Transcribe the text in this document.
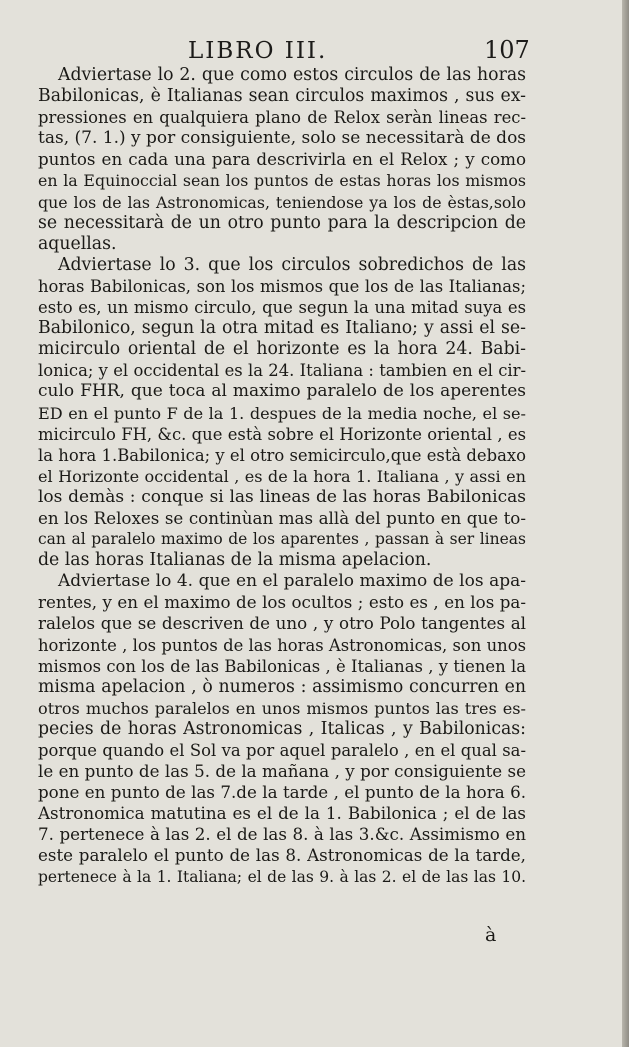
LIBRO III.	107
Adviertase lo 2. que como estos circulos de las horas
Babilonicas, è Italianas sean circulos maximos , sus ex-
pressiones en qualquiera plano de Relox seràn lineas rec-
tas, (7. 1.) y por consiguiente, solo se necessitarà de dos
puntos en cada una para descrivirla en el Relox ; y como
en la Equinoccial sean los puntos de estas horas los mismos
que los de las Astronomicas, teniendose ya los de èstas,solo
se necessitarà de un otro punto para la descripcion de
aquellas.
Adviertase lo 3. que los circulos sobredichos de las
horas Babilonicas, son los mismos que los de las Italianas;
esto es, un mismo circulo, que segun la una mitad suya es
Babilonico, segun la otra mitad es Italiano; y assi el se-
micirculo oriental de el horizonte es la hora 24. Babi-
lonica; y el occidental es la 24. Italiana : tambien en el cir-
culo FHR, que toca al maximo paralelo de los aperentes
ED en el punto F de la 1. despues de la media noche, el se-
micirculo FH, &c. que està sobre el Horizonte oriental , es
la hora 1.Babilonica; y el otro semicirculo,que està debaxo
el Horizonte occidental , es de la hora 1. Italiana , y assi en
los demàs : conque si las lineas de las horas Babilonicas
en los Reloxes se continùan mas allà del punto en que to-
can al paralelo maximo de los aparentes , passan à ser lineas
de las horas Italianas de la misma apelacion.
Adviertase lo 4. que en el paralelo maximo de los apa-
rentes, y en el maximo de los ocultos ; esto es , en los pa-
ralelos que se descriven de uno , y otro Polo tangentes al
horizonte , los puntos de las horas Astronomicas, son unos
mismos con los de las Babilonicas , è Italianas , y tienen la
misma apelacion , ò numeros : assimismo concurren en
otros muchos paralelos en unos mismos puntos las tres es-
pecies de horas Astronomicas , Italicas , y Babilonicas:
porque quando el Sol va por aquel paralelo , en el qual sa-
le en punto de las 5. de la mañana , y por consiguiente se
pone en punto de las 7.de la tarde , el punto de la hora 6.
Astronomica matutina es el de la 1. Babilonica ; el de las
7. pertenece à las 2. el de las 8. à las 3.&c. Assimismo en
este paralelo el punto de las 8. Astronomicas de la tarde,
pertenece à la 1. Italiana; el de las 9. à las 2. el de las las 10.
à
